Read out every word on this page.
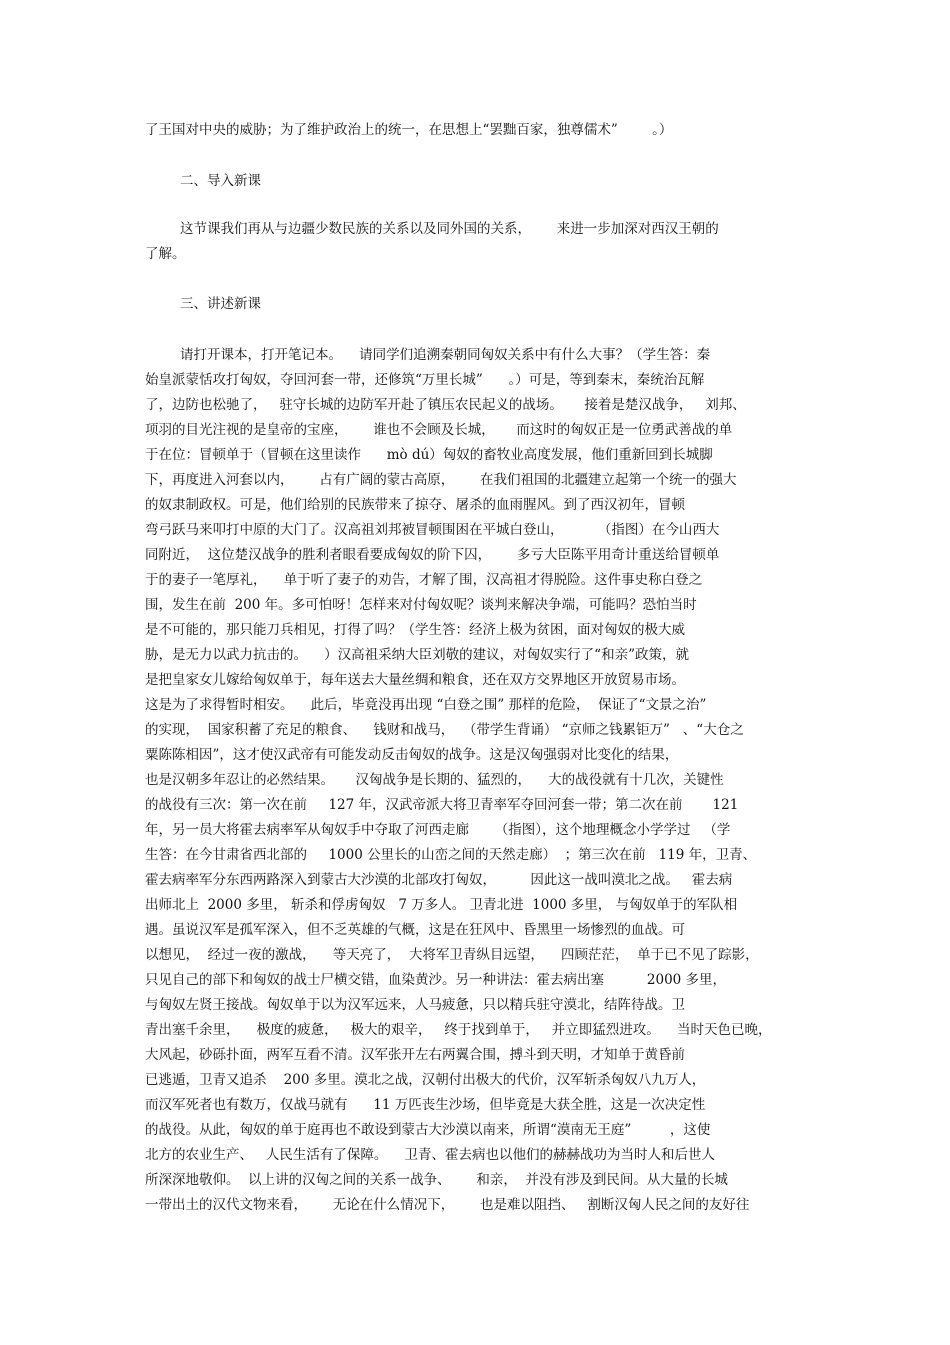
了王国对中央的威胁；为了维护政治上的统一，在思想上“罢黜百家，独尊儒术”        。）
二、导入新课
这节课我们再从与边疆少数民族的关系以及同外国的关系，      来进一步加深对西汉王朝的
了解。
三、讲述新课
请打开课本，打开笔记本。    请同学们追溯秦朝同匈奴关系中有什么大事？（学生答：秦
始皇派蒙恬攻打匈奴，夺回河套一带，还修筑“万里长城”      。）可是，等到秦末，秦统治瓦解
了，边防也松驰了，   驻守长城的边防军开赴了镇压农民起义的战场。     接着是楚汉战争，   刘邦、
项羽的目光注视的是皇帝的宝座，      谁也不会顾及长城，     而这时的匈奴正是一位勇武善战的单
于在位：冒顿单于（冒顿在这里读作      mò dú）匈奴的畜牧业高度发展，他们重新回到长城脚
下，再度进入河套以内，      占有广阔的蒙古高原，      在我们祖国的北疆建立起第一个统一的强大
的奴隶制政权。可是，他们给别的民族带来了掠夺、屠杀的血雨腥风。到了西汉初年，冒顿
弯弓跃马来叩打中原的大门了。汉高祖刘邦被冒顿围困在平城白登山，        （指图）在今山西大
同附近，  这位楚汉战争的胜利者眼看要成匈奴的阶下囚，      多亏大臣陈平用奇计重送给冒顿单
于的妻子一笔厚礼，    单于听了妻子的劝告，才解了围，汉高祖才得脱险。这件事史称白登之
围，发生在前  200 年。多可怕呀！怎样来对付匈奴呢？谈判来解决争端，可能吗？恐怕当时
是不可能的，那只能刀兵相见，打得了吗？（学生答：经济上极为贫困，面对匈奴的极大威
胁，是无力以武力抗击的。    ）汉高祖采纳大臣刘敬的建议，对匈奴实行了“和亲”政策，就
是把皇家女儿嫁给匈奴单于，每年送去大量丝绸和粮食，还在双方交界地区开放贸易市场。
这是为了求得暂时相安。    此后，毕竟没再出现 “白登之围” 那样的危险，  保证了“文景之治”
的实现，  国家积蓄了充足的粮食、    钱财和战马，  （带学生背诵） “京师之钱累钜万”   、“大仓之
粟陈陈相因”，这才使汉武帝有可能发动反击匈奴的战争。这是汉匈强弱对比变化的结果，
也是汉朝多年忍让的必然结果。     汉匈战争是长期的、猛烈的，    大的战役就有十几次，关键性
的战役有三次：第一次在前     127 年，汉武帝派大将卫青率军夺回河套一带；第二次在前       121
年，另一员大将霍去病率军从匈奴手中夺取了河西走廊      （指图），这个地理概念小学学过   （学
生答：在今甘肃省西北部的     1000 公里长的山峦之间的天然走廊）  ；第三次在前   119 年，卫青、
霍去病率军分东西两路深入到蒙古大沙漠的北部攻打匈奴，        因此这一战叫漠北之战。   霍去病
出师北上  2000 多里， 斩杀和俘虏匈奴   7 万多人。 卫青北进  1000 多里， 与匈奴单于的军队相
遇。虽说汉军是孤军深入，但不乏英雄的气概，这是在狂风中、昏黑里一场惨烈的血战。可
以想见，  经过一夜的激战，    等天亮了，  大将军卫青纵目远望，    四顾茫茫，  单于已不见了踪影，
只见自己的部下和匈奴的战士尸横交错，血染黄沙。另一种讲法：霍去病出塞          2000 多里，
与匈奴左贤王接战。匈奴单于以为汉军远来，人马疲惫，只以精兵驻守漠北，结阵待战。卫
青出塞千余里，    极度的疲惫，   极大的艰辛，   终于找到单于，   并立即猛烈进攻。    当时天色已晚，
大风起，砂砾扑面，两军互看不清。汉军张开左右两翼合围，搏斗到天明，才知单于黄昏前
已逃遁，卫青又追杀    200 多里。漠北之战，汉朝付出极大的代价，汉军斩杀匈奴八九万人，
而汉军死者也有数万，仅战马就有      11 万匹丧生沙场，但毕竟是大获全胜，这是一次决定性
的战役。从此，匈奴的单于庭再也不敢设到蒙古大沙漠以南来，所谓“漠南无王庭”         ，这使
北方的农业生产、   人民生活有了保障。    卫青、霍去病也以他们的赫赫战功为当时人和后世人
所深深地敬仰。  以上讲的汉匈之间的关系一战争、      和亲，  并没有涉及到民间。从大量的长城
一带出土的汉代文物来看，      无论在什么情况下，      也是难以阻挡、   割断汉匈人民之间的友好往
